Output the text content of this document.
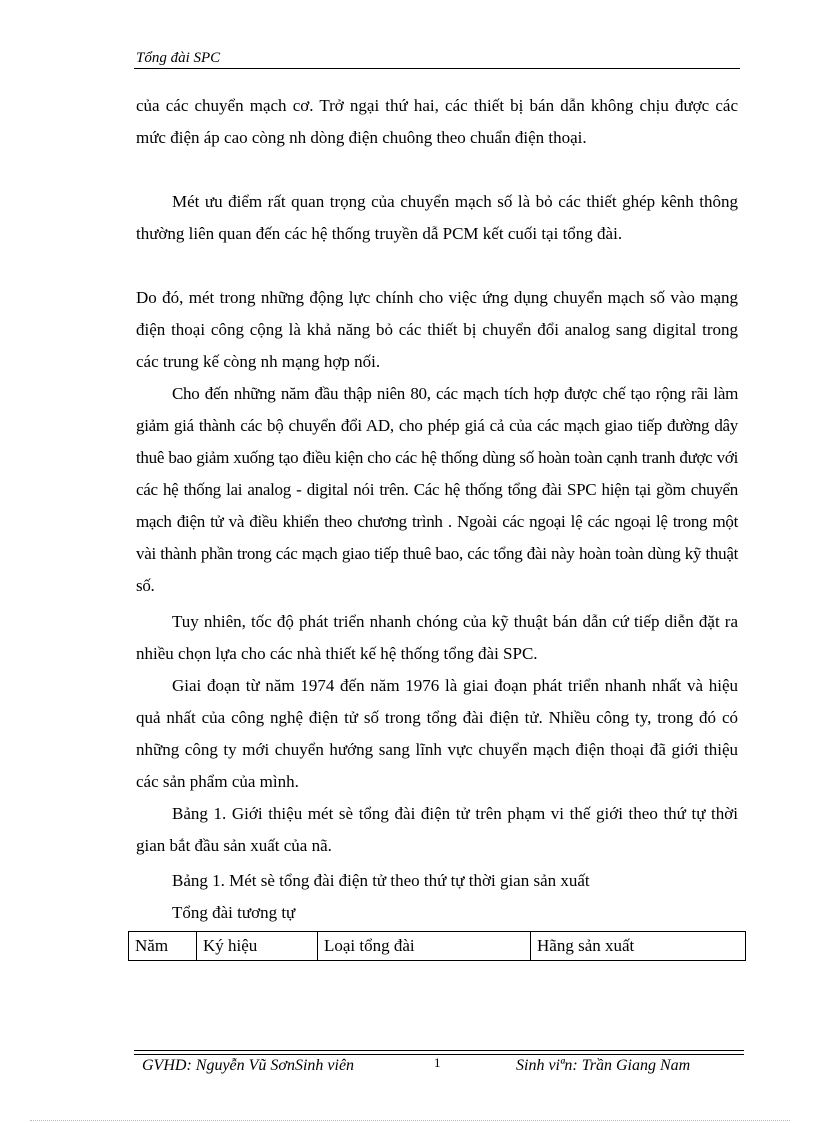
Tổng đài SPC

của các chuyển mạch cơ. Trở ngại thứ hai, các thiết bị bán dẫn không chịu được các mức điện áp cao còng nh dòng điện chuông theo chuẩn điện thoại.

Mét ưu điểm rất quan trọng của chuyển mạch số là bỏ các thiết ghép kênh thông thường liên quan đến các hệ thống truyền dẫ PCM kết cuối tại tổng đài.

Do đó, mét trong những động lực chính cho việc ứng dụng chuyển mạch số vào mạng điện thoại công cộng là khả năng bỏ các thiết bị chuyển đổi analog sang digital trong các trung kế còng nh mạng hợp nối.

Cho đến những năm đầu thập niên 80, các mạch tích hợp được chế tạo rộng rãi làm giảm giá thành các bộ chuyển đổi AD, cho phép giá cả của các mạch giao tiếp đường dây thuê bao giảm xuống tạo điều kiện cho các hệ thống dùng số hoàn toàn cạnh tranh được với các hệ thống lai analog - digital nói trên. Các hệ thống tổng đài SPC hiện tại gồm chuyển mạch điện tử và điều khiển theo chương trình . Ngoài các ngoại lệ các ngoại lệ trong một vài thành phần trong các mạch giao tiếp thuê bao, các tổng đài này hoàn toàn dùng kỹ thuật số.

Tuy nhiên, tốc độ phát triển nhanh chóng của kỹ thuật bán dẫn cứ tiếp diễn đặt ra nhiều chọn lựa cho các nhà thiết kế hệ thống tổng đài SPC.

Giai đoạn từ năm 1974 đến năm 1976 là giai đoạn phát triển nhanh nhất và hiệu quả nhất của công nghệ điện tử số trong tổng đài điện tử. Nhiều công ty, trong đó có những công ty mới chuyển hướng sang lĩnh vực chuyển mạch điện thoại đã giới thiệu các sản phẩm của mình.

Bảng 1. Giới thiệu mét sè tổng đài điện tử trên phạm vi thế giới theo thứ tự thời gian bắt đầu sản xuất của nã.

Bảng 1. Mét sè tổng đài điện tử theo thứ tự thời gian sản xuất
Tổng đài tương tự
Năm	Ký hiệu	Loại tổng đài	Hãng sản xuất
GVHD: Nguyễn Vũ SơnSinh viên	1	Sinh viªn: Trần Giang Nam
